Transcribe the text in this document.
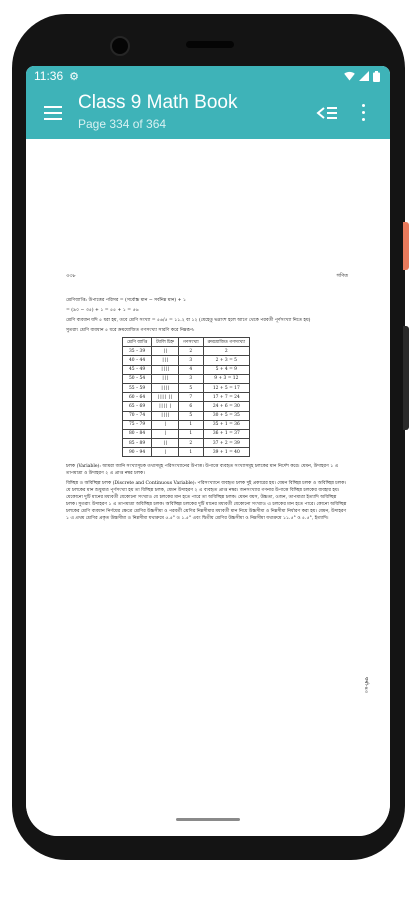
11:36 ⚙
Class 9 Math Book
Page 334 of 364
৩৩৮	গণিত

শ্রেণিব্যাপ্তি: উপাত্তের পরিসর = (সর্বোচ্চ মান − সর্বনিম্ন মান) + ১

= (৯০ − ৩৫) + ১ = ৫৫ + ১ = ৫৬

শ্রেণি ব্যবধান যদি ৫ ধরা হয়, তবে শ্রেণি সংখ্যা = ৫৬/৫ = ১১.২ বা ১২ (যেহেতু ভগ্নাংশ হলে আগে থেকে পরবর্তী পূর্ণসংখ্যা নিতে হয়)

সুতরাং শ্রেণি ব্যবধান ৫ ধরে ক্রমযোজিত গণসংখ্যা সারণি করে নিম্নরূপ:

শ্রেণি ব্যাপ্তি	ট্যালি চিহ্ন	গণসংখ্যা	ক্রমযোজিত গণসংখ্যা
35 – 39	||	2	2
40 – 44	|||	3	2 + 3 = 5
45 – 49	||||	4	5 + 4 = 9
50 – 54	|||	3	9 + 3 = 12
55 – 59	||||	5	12 + 5 = 17
60 – 64	|||| ||	7	17 + 7 = 24
65 – 69	|||| |	6	24 + 6 = 30
70 – 74	||||	5	30 + 5 = 35
75 – 79	|	1	35 + 1 = 36
80 – 84	|	1	36 + 1 = 37
85 – 89	||	2	37 + 2 = 39
90 – 94	|	1	39 + 1 = 40

চলক (Variable): আমরা জানি সংখ্যাসূচক তথ্যসমূহ পরিসংখ্যানের উপাত্ত। উপাত্তে ব্যবহৃত সংখ্যাসমূহ চলকের মান নির্দেশ করে। যেমন, উদাহরণ ১ এ তাপমাত্রা ও উদাহরণ ২ এ প্রাপ্ত নম্বর চলক।

বিচ্ছিন্ন ও অবিচ্ছিন্ন চলক (Discrete and Continuous Variable): পরিসংখ্যানে ব্যবহৃত চলক দুই প্রকারের হয়। যেমন বিচ্ছিন্ন চলক ও অবিচ্ছিন্ন চলক। যে চলকের মান শুধুমাত্র পূর্ণসংখ্যা হয় তা বিচ্ছিন্ন চলক, যেমন উদাহরণ ২ এ ব্যবহৃত প্রাপ্ত নম্বর। জনসংখ্যার গণনার উপাত্তে বিচ্ছিন্ন চলকের ব্যবহার হয়। যেকোনো দুটি মানের মধ্যবর্তী যেকোনো সংখ্যাও যে চলকের মান হতে পারে তা অবিচ্ছিন্ন চলক। যেমন বয়স, উচ্চতা, ওজন, তাপমাত্রা ইত্যাদি অবিচ্ছিন্ন চলক। সুতরাং উদাহরণ ১ এ তাপমাত্রা অবিচ্ছিন্ন চলক। অবিচ্ছিন্ন চলকের দুটি মানের মধ্যবর্তী যেকোনো সংখ্যাও এ চলকের মান হতে পারে। কোনো অবিচ্ছিন্ন চলকের শ্রেণি ব্যবধান নির্ণয়ের ক্ষেত্রে শ্রেণির উচ্চসীমা ও পরবর্তী শ্রেণির নিম্নসীমার মধ্যবর্তী মান নিয়ে উচ্চসীমা ও নিম্নসীমা নির্ধারণ করা হয়। যেমন, উদাহরণ ১ এ প্রথম শ্রেণির প্রকৃত উচ্চসীমা ও নিম্নসীমা যথাক্রমে ৫.৫° ও ১.৫° এবং দ্বিতীয় শ্রেণির উচ্চসীমা ও নিম্নসীমা যথাক্রমে ১১.৫° ও ৫.৫°, ইত্যাদি।

ফর্মা-৪৩
